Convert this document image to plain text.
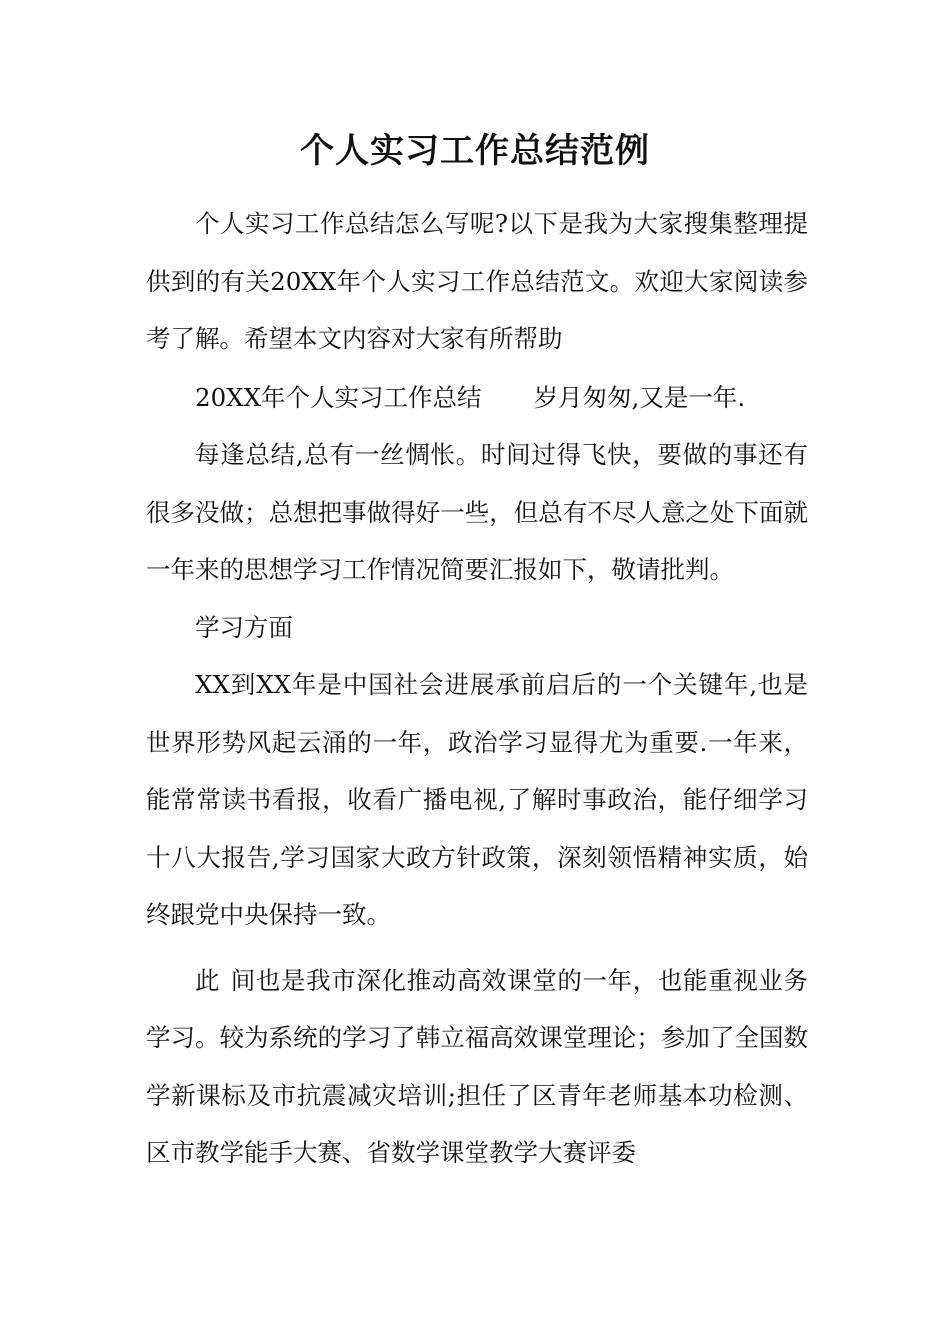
个人实习工作总结范例

个人实习工作总结怎么写呢?以下是我为大家搜集整理提供到的有关20XX年个人实习工作总结范文。欢迎大家阅读参考了解。希望本文内容对大家有所帮助

20XX年个人实习工作总结 岁月匆匆,又是一年.

每逢总结,总有一丝惆怅。时间过得飞快，要做的事还有很多没做；总想把事做得好一些，但总有不尽人意之处下面就一年来的思想学习工作情况简要汇报如下，敬请批判。

学习方面

XX到XX年是中国社会进展承前启后的一个关键年,也是世界形势风起云涌的一年，政治学习显得尤为重要.一年来，能常常读书看报，收看广播电视,了解时事政治，能仔细学习十八大报告,学习国家大政方针政策，深刻领悟精神实质，始终跟党中央保持一致。

此 间也是我市深化推动高效课堂的一年，也能重视业务学习。较为系统的学习了韩立福高效课堂理论；参加了全国数学新课标及市抗震减灾培训;担任了区青年老师基本功检测、区市教学能手大赛、省数学课堂教学大赛评委
